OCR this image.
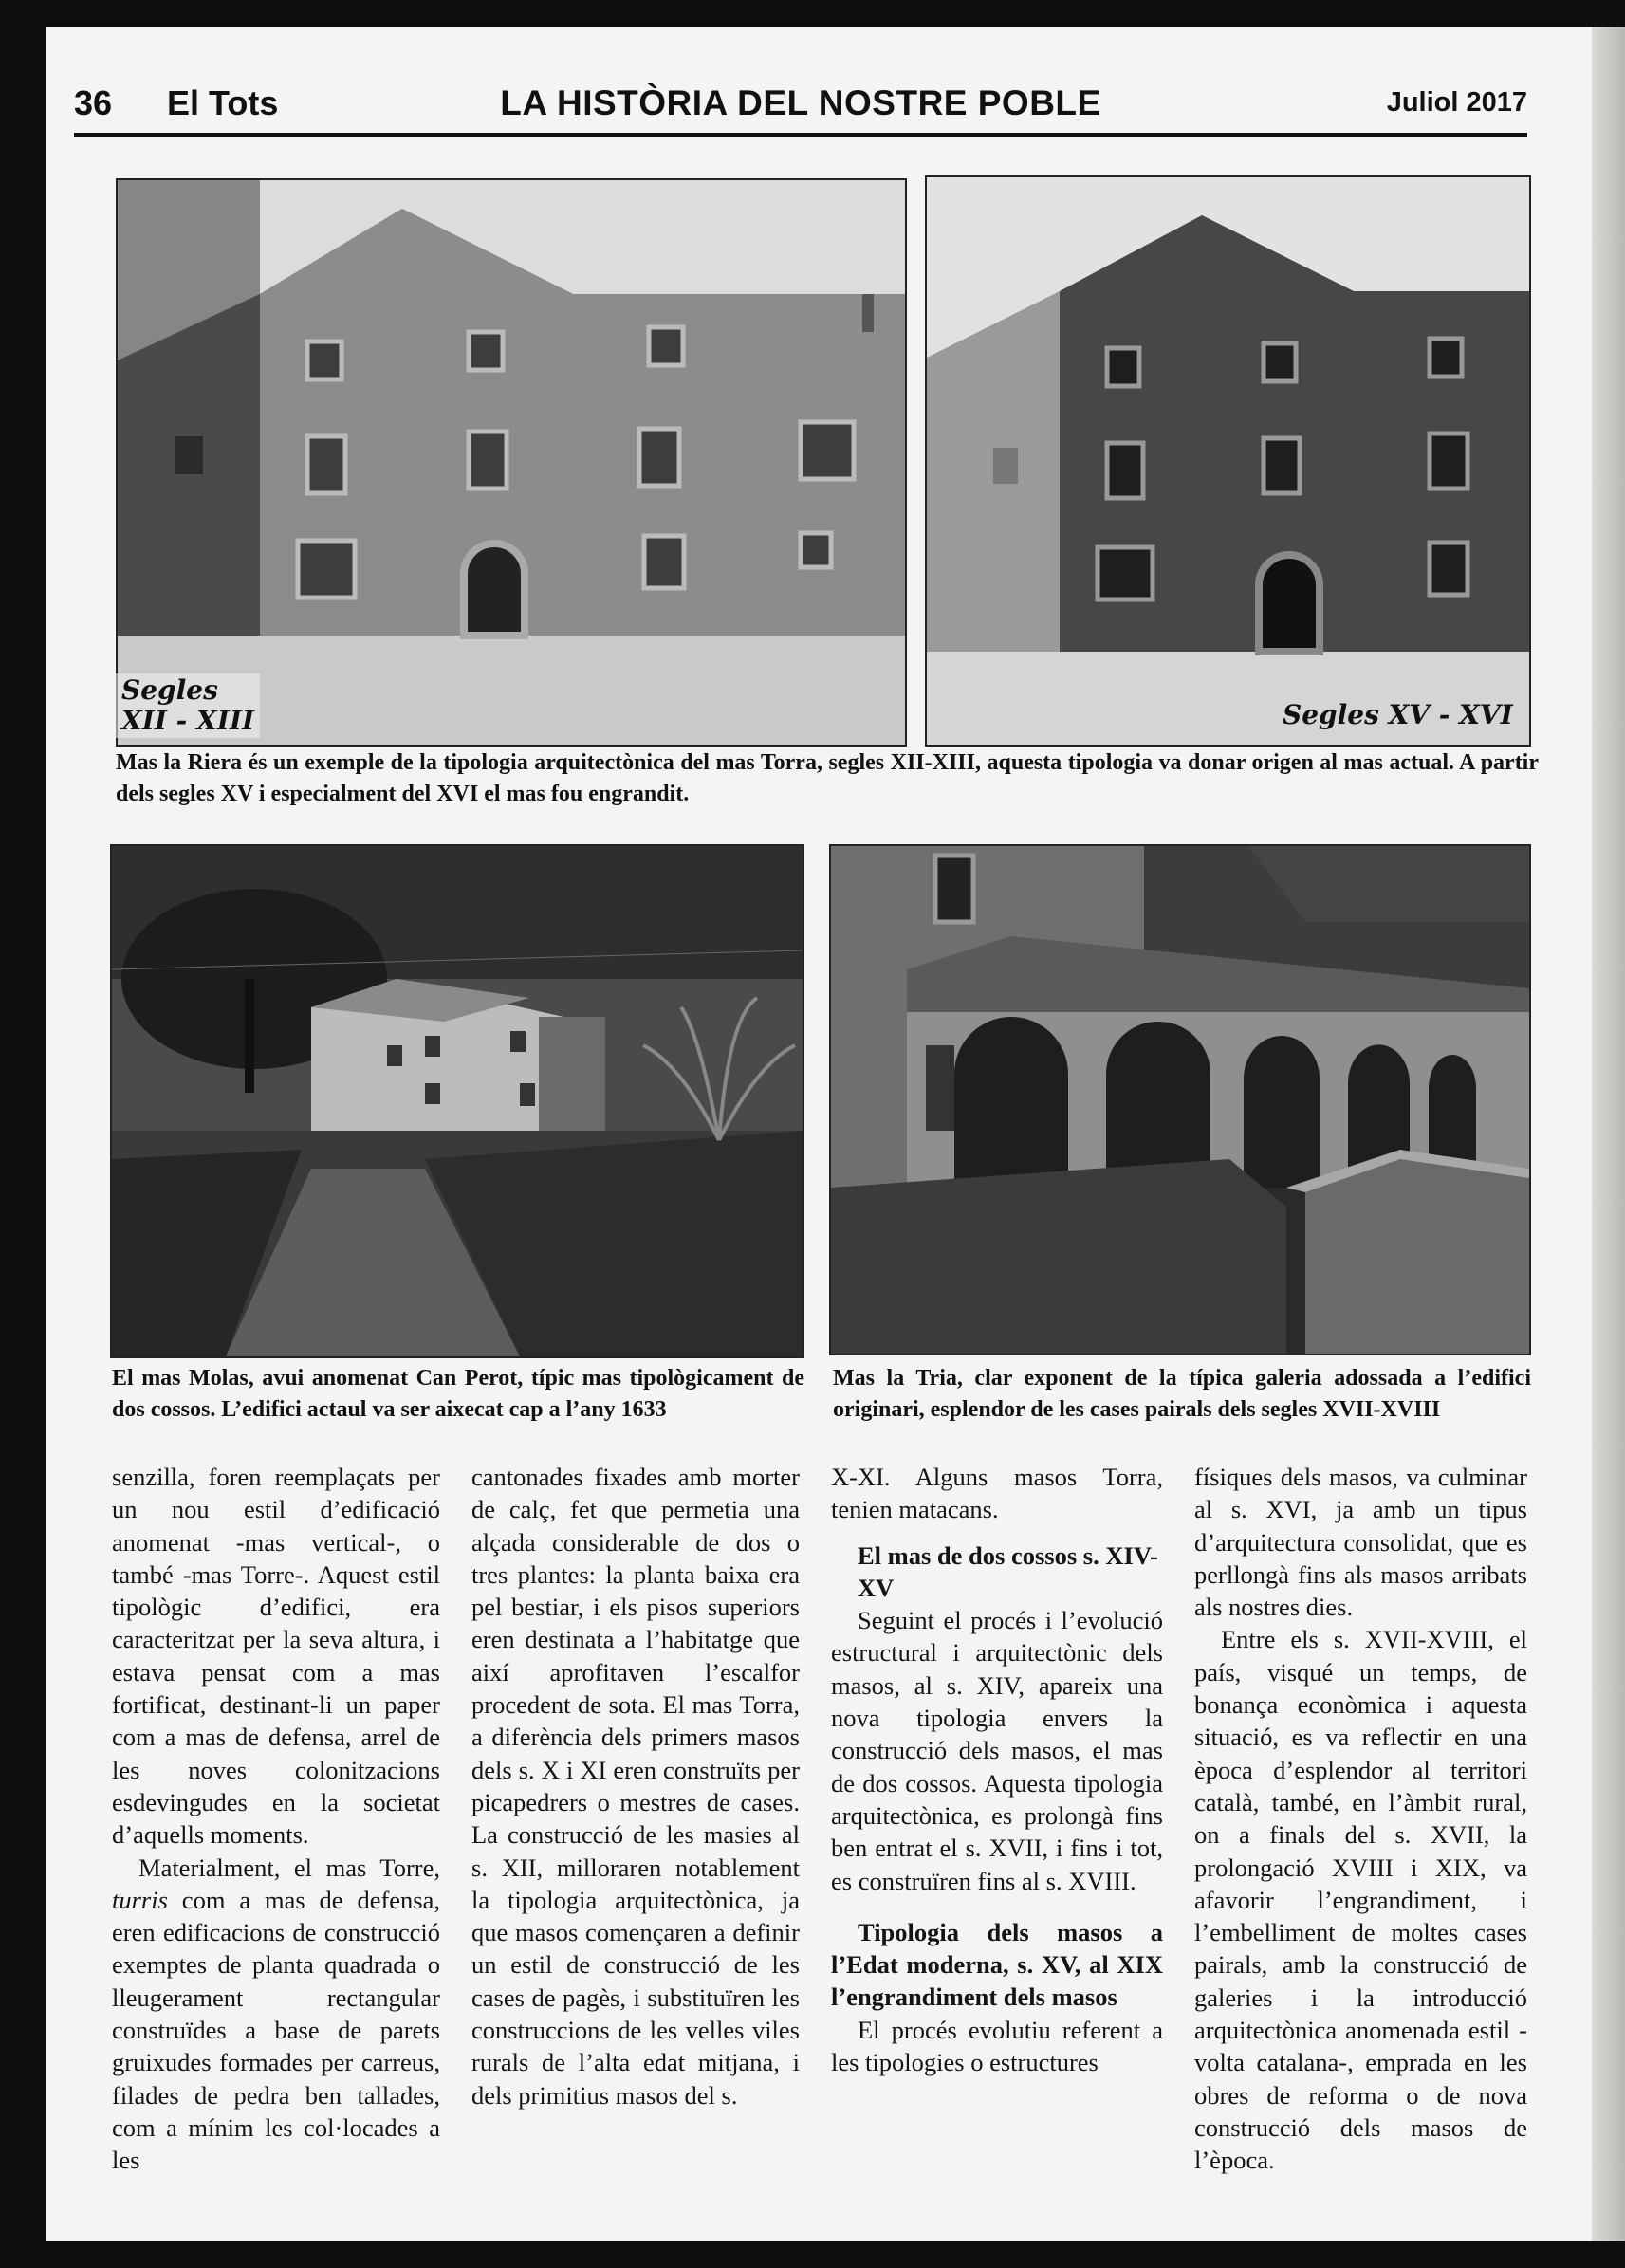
36 El Tots	LA HISTÒRIA DEL NOSTRE POBLE	Juliol 2017
Segles
XII - XIII	Segles XV - XVI
Mas la Riera és un exemple de la tipologia arquitectònica del mas Torra, segles XII-XIII, aquesta tipologia va donar origen al mas actual. A partir dels segles XV i especialment del XVI el mas fou engrandit.
El mas Molas, avui anomenat Can Perot, típic mas tipològicament de dos cossos. L’edifici actaul va ser aixecat cap a l’any 1633
Mas la Tria, clar exponent de la típica galeria adossada a l’edifici originari, esplendor de les cases pairals dels segles XVII-XVIII

senzilla, foren reemplaçats per un nou estil d’edificació anomenat -mas vertical-, o també -mas Torre-. Aquest estil tipològic d’edifici, era caracteritzat per la seva altura, i estava pensat com a mas fortificat, destinant-li un paper com a mas de defensa, arrel de les noves colonitzacions esdevingudes en la societat d’aquells moments.

Materialment, el mas Torre, turris com a mas de defensa, eren edificacions de construcció exemptes de planta quadrada o lleugerament rectangular construïdes a base de parets gruixudes formades per carreus, filades de pedra ben tallades, com a mínim les col·locades a les

cantonades fixades amb morter de calç, fet que permetia una alçada considerable de dos o tres plantes: la planta baixa era pel bestiar, i els pisos superiors eren destinata a l’habitatge que així aprofitaven l’escalfor procedent de sota. El mas Torra, a diferència dels primers masos dels s. X i XI eren construïts per picapedrers o mestres de cases. La construcció de les masies al s. XII, milloraren notablement la tipologia arquitectònica, ja que masos començaren a definir un estil de construcció de les cases de pagès, i substituïren les construccions de les velles viles rurals de l’alta edat mitjana, i dels primitius masos del s.

X-XI. Alguns masos Torra, tenien matacans.

El mas de dos cossos s. XIV-XV

Seguint el procés i l’evolució estructural i arquitectònic dels masos, al s. XIV, apareix una nova tipologia envers la construcció dels masos, el mas de dos cossos. Aquesta tipologia arquitectònica, es prolongà fins ben entrat el s. XVII, i fins i tot, es construïren fins al s. XVIII.

Tipologia dels masos a l’Edat moderna, s. XV, al XIX l’engrandiment dels masos

El procés evolutiu referent a les tipologies o estructures

físiques dels masos, va culminar al s. XVI, ja amb un tipus d’arquitectura consolidat, que es perllongà fins als masos arribats als nostres dies.

Entre els s. XVII-XVIII, el país, visqué un temps, de bonança econòmica i aquesta situació, es va reflectir en una època d’esplendor al territori català, també, en l’àmbit rural, on a finals del s. XVII, la prolongació XVIII i XIX, va afavorir l’engrandiment, i l’embelliment de moltes cases pairals, amb la construcció de galeries i la introducció arquitectònica anomenada estil -volta catalana-, emprada en les obres de reforma o de nova construcció dels masos de l’època.
